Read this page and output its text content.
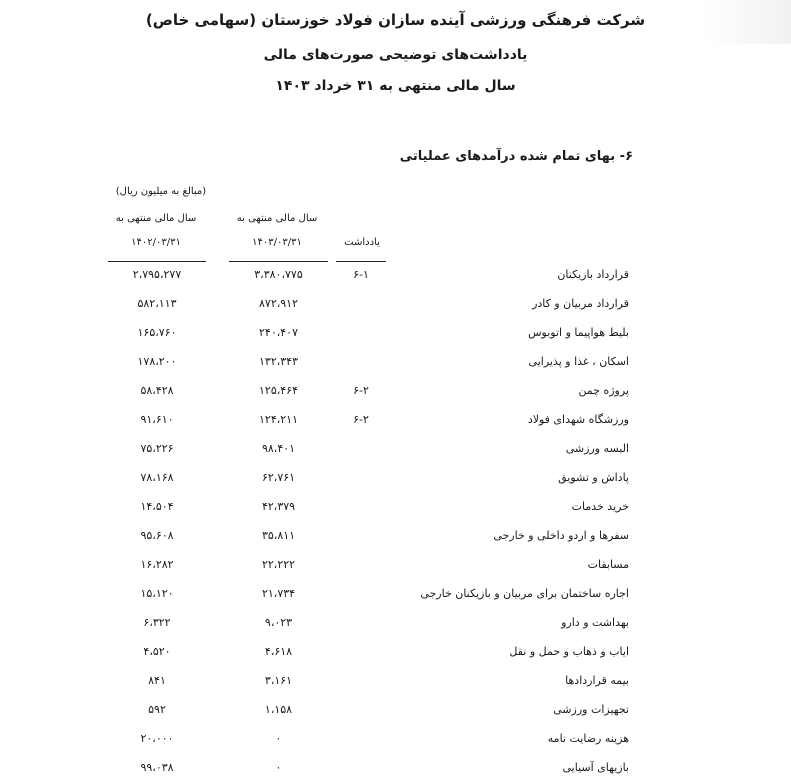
شرکت فرهنگی ورزشی آینده سازان فولاد خوزستان (سهامی خاص)
یادداشت‌های توضیحی صورت‌های مالی
سال مالی منتهی به ۳۱ خرداد ۱۴۰۳
۶- بهای تمام شده درآمدهای عملیاتی
(مبالغ به میلیون ریال)
سال مالی منتهی به
۱۴۰۲/۰۳/۳۱
سال مالی منتهی به
۱۴۰۳/۰۳/۳۱	یادداشت
قرارداد بازیکنان
۶-۱
۳،۳۸۰،۷۷۵
۲،۷۹۵،۲۷۷
قرارداد مربیان و کادر
۸۷۲،۹۱۲
۵۸۲،۱۱۳
بلیط هواپیما و اتوبوس
۲۴۰،۴۰۷
۱۶۵،۷۶۰
اسکان ، غذا و پذیرایی
۱۳۲،۳۴۳
۱۷۸،۲۰۰
پروژه چمن
۶-۲
۱۲۵،۴۶۴
۵۸،۴۲۸
ورزشگاه شهدای فولاد
۶-۲
۱۲۴،۲۱۱
۹۱،۶۱۰
البسه ورزشی
۹۸،۴۰۱
۷۵،۲۲۶
پاداش و تشویق
۶۲،۷۶۱
۷۸،۱۶۸
خرید خدمات
۴۲،۳۷۹
۱۴،۵۰۴
سفرها و اردو داخلی و خارجی
۳۵،۸۱۱
۹۵،۶۰۸
مسابقات
۲۲،۲۲۲
۱۶،۲۸۲
اجاره ساختمان برای مربیان و بازیکنان خارجی
۲۱،۷۳۴
۱۵،۱۲۰
بهداشت و دارو
۹،۰۲۳
۶،۳۲۲
ایاب و ذهاب و حمل و نقل
۴،۶۱۸
۴،۵۲۰
بیمه قراردادها
۳،۱۶۱
۸۴۱
تجهیزات ورزشی
۱،۱۵۸
۵۹۲
هزینه رضایت نامه
۰
۲۰،۰۰۰
بازیهای آسیایی
۰
۹۹،۰۳۸
